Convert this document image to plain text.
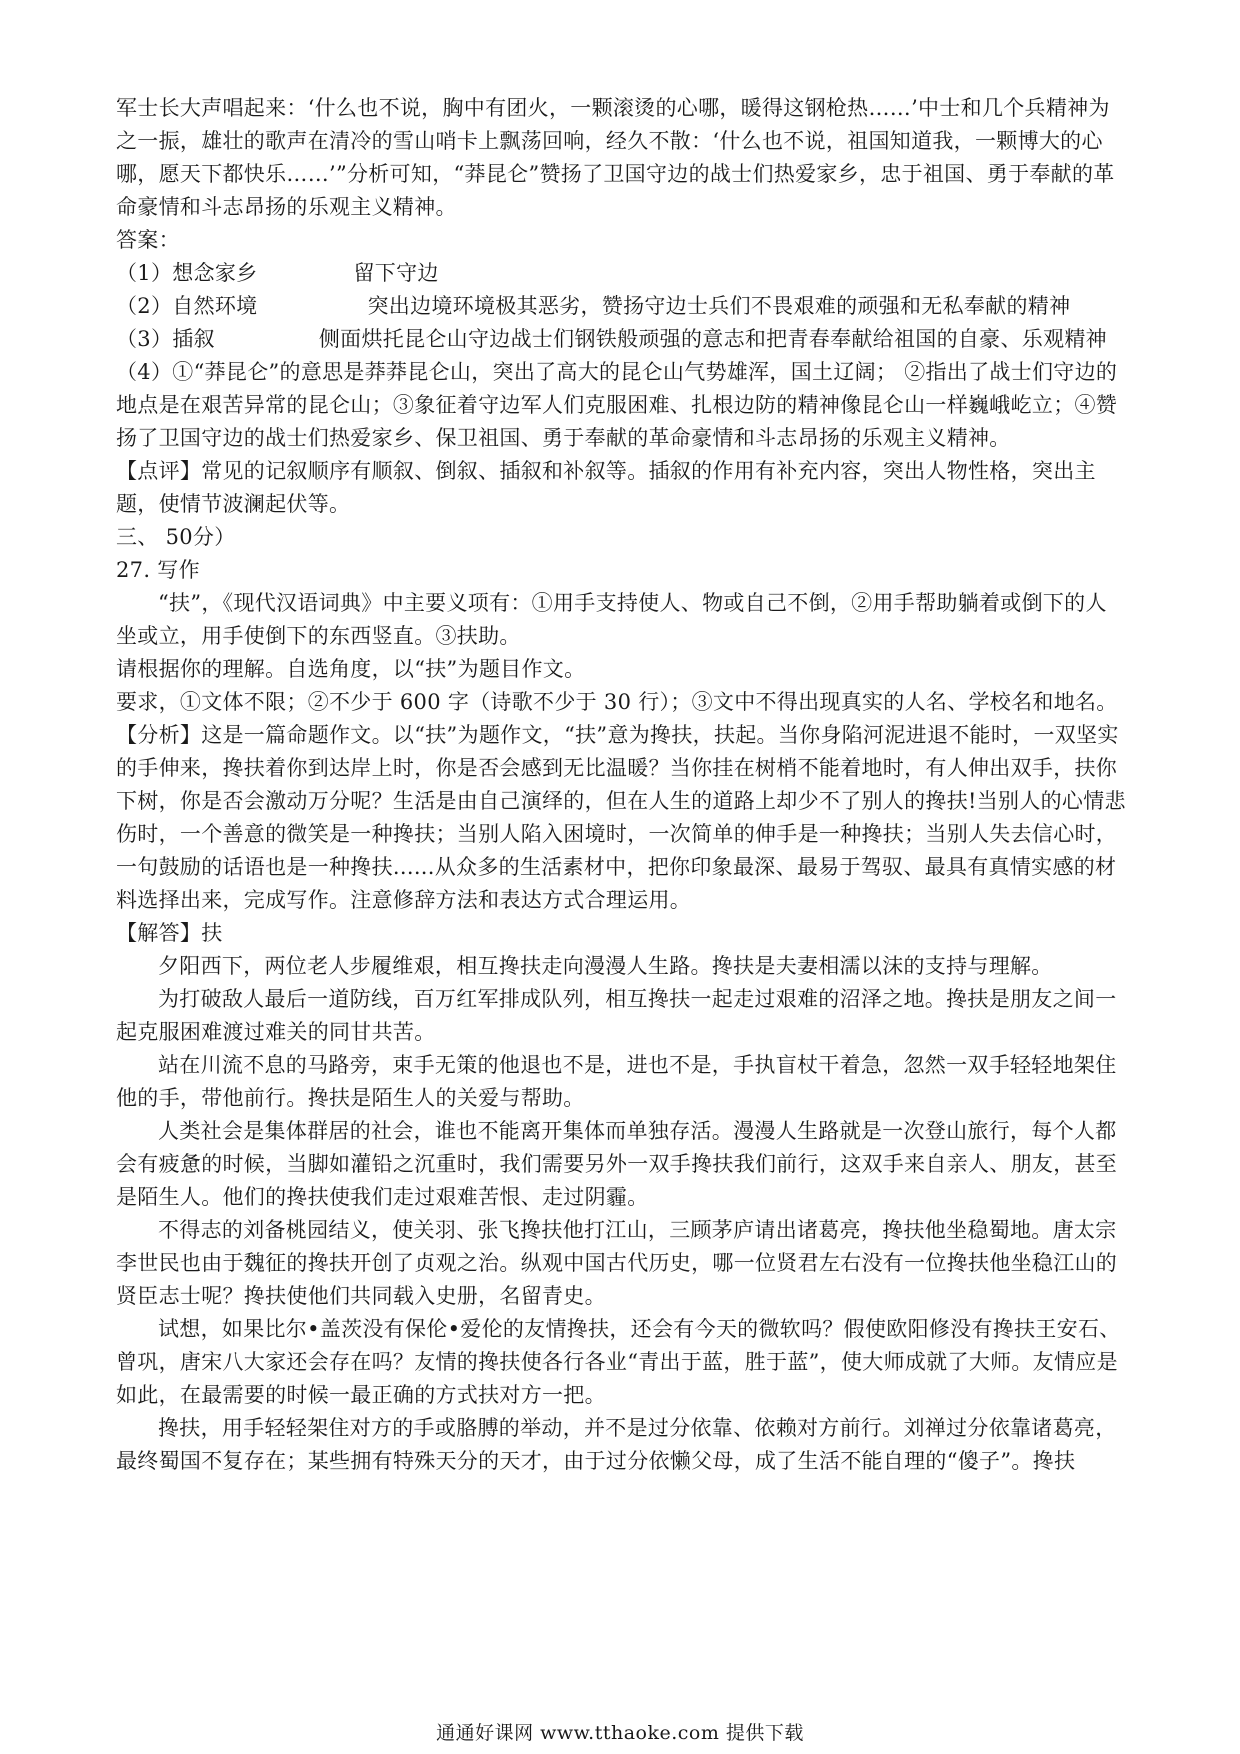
军士长大声唱起来：‘什么也不说，胸中有团火，一颗滚烫的心哪，暖得这钢枪热……’中士和几个兵精神为之一振，雄壮的歌声在清冷的雪山哨卡上飘荡回响，经久不散：‘什么也不说，祖国知道我，一颗博大的心哪，愿天下都快乐……’”分析可知，“莽昆仑”赞扬了卫国守边的战士们热爱家乡，忠于祖国、勇于奉献的革命豪情和斗志昂扬的乐观主义精神。

答案：

（1）想念家乡	留下守边

（2）自然环境	突出边境环境极其恶劣，赞扬守边士兵们不畏艰难的顽强和无私奉献的精神

（3）插叙	侧面烘托昆仑山守边战士们钢铁般顽强的意志和把青春奉献给祖国的自豪、乐观精神

（4）①“莽昆仑”的意思是莽莽昆仑山，突出了高大的昆仑山气势雄浑，国土辽阔； ②指出了战士们守边的地点是在艰苦异常的昆仑山；③象征着守边军人们克服困难、扎根边防的精神像昆仑山一样巍峨屹立；④赞扬了卫国守边的战士们热爱家乡、保卫祖国、勇于奉献的革命豪情和斗志昂扬的乐观主义精神。

【点评】常见的记叙顺序有顺叙、倒叙、插叙和补叙等。插叙的作用有补充内容，突出人物性格，突出主题，使情节波澜起伏等。

三、 50分）

27. 写作

“扶”，《现代汉语词典》中主要义项有：①用手支持使人、物或自己不倒，②用手帮助躺着或倒下的人坐或立，用手使倒下的东西竖直。③扶助。

请根据你的理解。自选角度，以“扶”为题目作文。

要求，①文体不限；②不少于 600 字（诗歌不少于 30 行）；③文中不得出现真实的人名、学校名和地名。

【分析】这是一篇命题作文。以“扶”为题作文，“扶”意为搀扶，扶起。当你身陷河泥进退不能时，一双坚实的手伸来，搀扶着你到达岸上时，你是否会感到无比温暖？当你挂在树梢不能着地时，有人伸出双手，扶你下树，你是否会激动万分呢？生活是由自己演绎的，但在人生的道路上却少不了别人的搀扶!当别人的心情悲伤时，一个善意的微笑是一种搀扶；当别人陷入困境时，一次简单的伸手是一种搀扶；当别人失去信心时，一句鼓励的话语也是一种搀扶......从众多的生活素材中，把你印象最深、最易于驾驭、最具有真情实感的材料选择出来，完成写作。注意修辞方法和表达方式合理运用。

【解答】扶

夕阳西下，两位老人步履维艰，相互搀扶走向漫漫人生路。搀扶是夫妻相濡以沫的支持与理解。

为打破敌人最后一道防线，百万红军排成队列，相互搀扶一起走过艰难的沼泽之地。搀扶是朋友之间一起克服困难渡过难关的同甘共苦。

站在川流不息的马路旁，束手无策的他退也不是，进也不是，手执盲杖干着急，忽然一双手轻轻地架住他的手，带他前行。搀扶是陌生人的关爱与帮助。

人类社会是集体群居的社会，谁也不能离开集体而单独存活。漫漫人生路就是一次登山旅行，每个人都会有疲惫的时候，当脚如灌铅之沉重时，我们需要另外一双手搀扶我们前行，这双手来自亲人、朋友，甚至是陌生人。他们的搀扶使我们走过艰难苦恨、走过阴霾。

不得志的刘备桃园结义，使关羽、张飞搀扶他打江山，三顾茅庐请出诸葛亮，搀扶他坐稳蜀地。唐太宗李世民也由于魏征的搀扶开创了贞观之治。纵观中国古代历史，哪一位贤君左右没有一位搀扶他坐稳江山的贤臣志士呢？搀扶使他们共同载入史册，名留青史。

试想，如果比尔•盖茨没有保伦•爱伦的友情搀扶，还会有今天的微软吗？假使欧阳修没有搀扶王安石、曾巩，唐宋八大家还会存在吗？友情的搀扶使各行各业“青出于蓝，胜于蓝”，使大师成就了大师。友情应是如此，在最需要的时候一最正确的方式扶对方一把。

搀扶，用手轻轻架住对方的手或胳膊的举动，并不是过分依靠、依赖对方前行。刘禅过分依靠诸葛亮，最终蜀国不复存在；某些拥有特殊天分的天才，由于过分依懒父母，成了生活不能自理的“傻子”。搀扶

通通好课网 www.tthaoke.com 提供下载
